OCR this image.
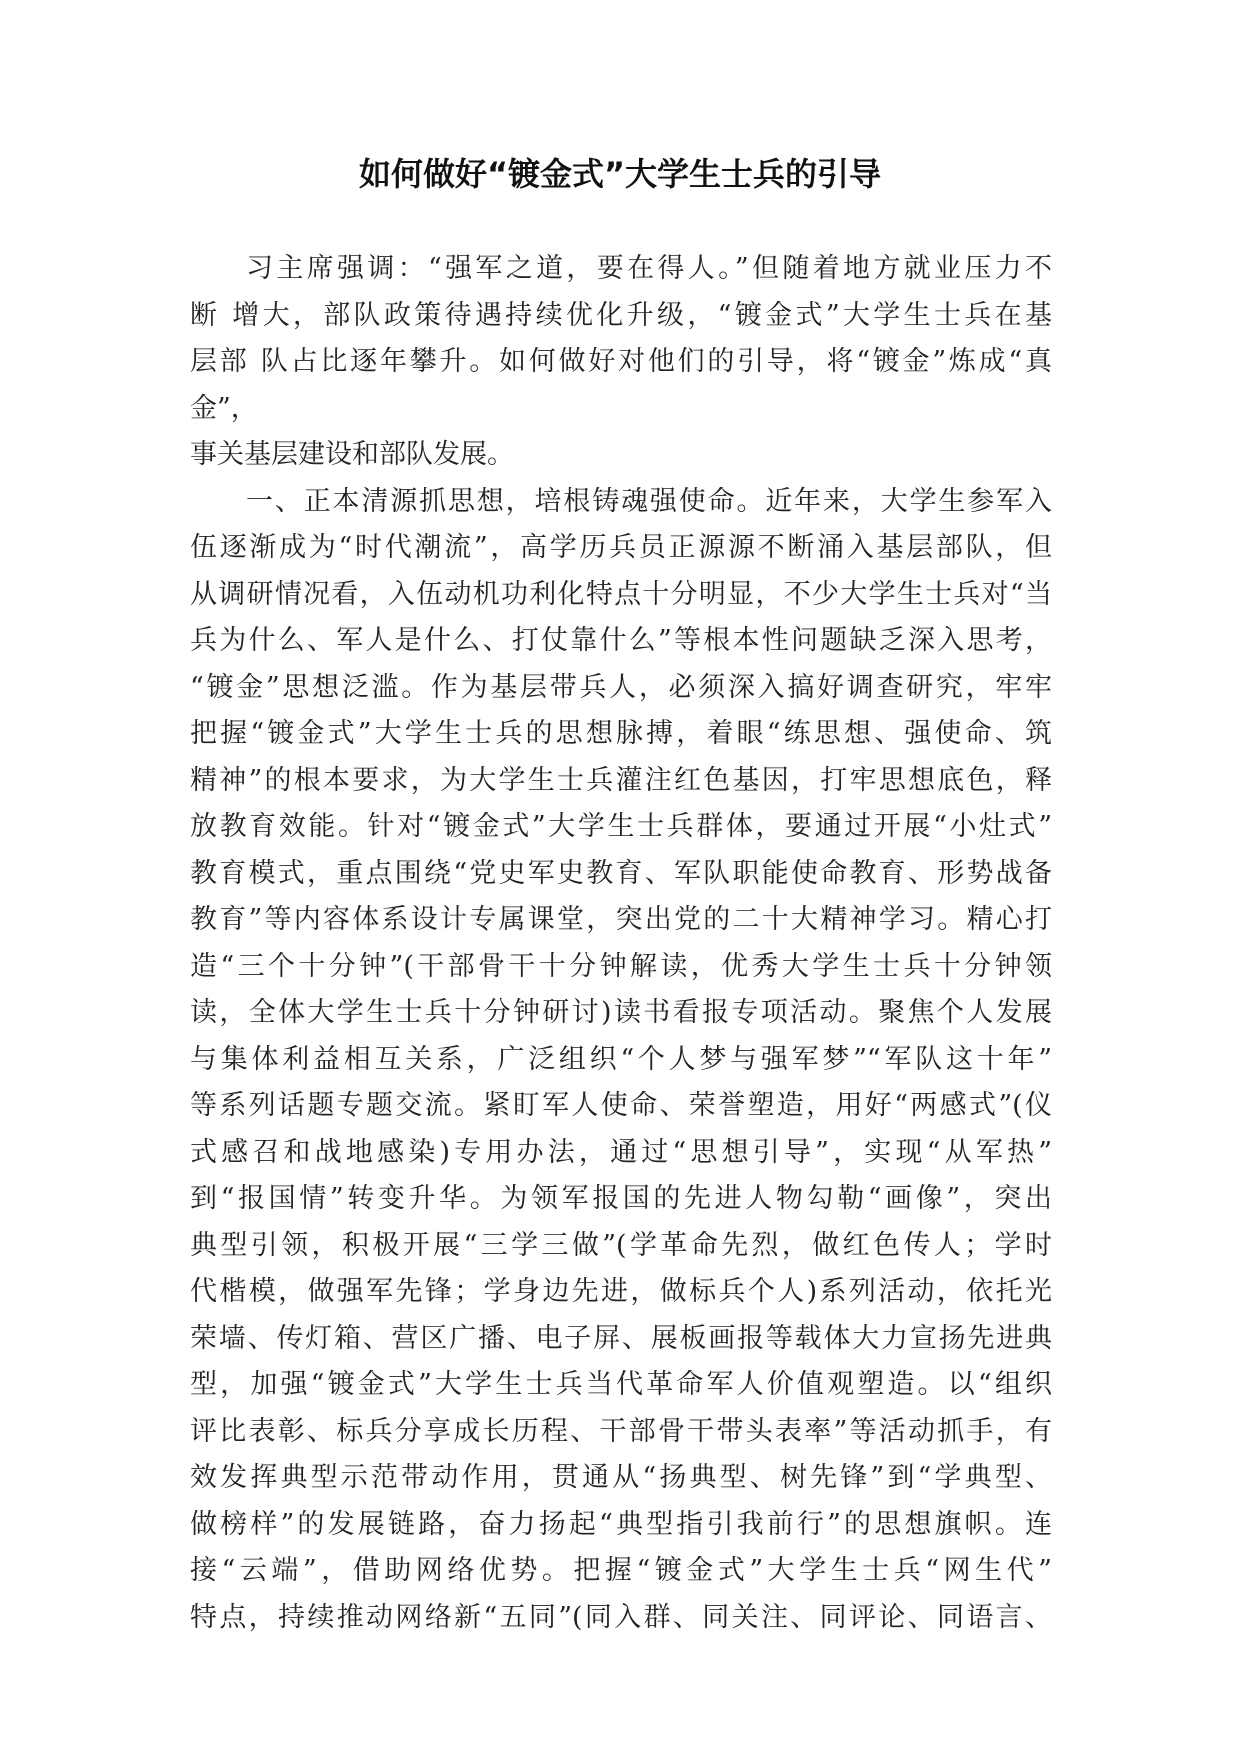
如何做好“镀金式”大学生士兵的引导
习主席强调：“强军之道，要在得人。”但随着地方就业压力不
断 增大，部队政策待遇持续优化升级，“镀金式”大学生士兵在基
层部 队占比逐年攀升。如何做好对他们的引导，将“镀金”炼成“真
金”，
事关基层建设和部队发展。
一、正本清源抓思想，培根铸魂强使命。近年来，大学生参军入
伍逐渐成为“时代潮流”，高学历兵员正源源不断涌入基层部队，但
从调研情况看，入伍动机功利化特点十分明显，不少大学生士兵对“当
兵为什么、军人是什么、打仗靠什么”等根本性问题缺乏深入思考，
“镀金”思想泛滥。作为基层带兵人，必须深入搞好调查研究，牢牢
把握“镀金式”大学生士兵的思想脉搏，着眼“练思想、强使命、筑
精神”的根本要求，为大学生士兵灌注红色基因，打牢思想底色，释
放教育效能。针对“镀金式”大学生士兵群体，要通过开展“小灶式”
教育模式，重点围绕“党史军史教育、军队职能使命教育、形势战备
教育”等内容体系设计专属课堂，突出党的二十大精神学习。精心打
造“三个十分钟”(干部骨干十分钟解读，优秀大学生士兵十分钟领
读，全体大学生士兵十分钟研讨)读书看报专项活动。聚焦个人发展
与集体利益相互关系，广泛组织“个人梦与强军梦”“军队这十年”
等系列话题专题交流。紧盯军人使命、荣誉塑造，用好“两感式”(仪
式感召和战地感染)专用办法，通过“思想引导”，实现“从军热”
到“报国情”转变升华。为领军报国的先进人物勾勒“画像”，突出
典型引领，积极开展“三学三做”(学革命先烈，做红色传人；学时
代楷模，做强军先锋；学身边先进，做标兵个人)系列活动，依托光
荣墙、传灯箱、营区广播、电子屏、展板画报等载体大力宣扬先进典
型，加强“镀金式”大学生士兵当代革命军人价值观塑造。以“组织
评比表彰、标兵分享成长历程、干部骨干带头表率”等活动抓手，有
效发挥典型示范带动作用，贯通从“扬典型、树先锋”到“学典型、
做榜样”的发展链路，奋力扬起“典型指引我前行”的思想旗帜。连
接“云端”，借助网络优势。把握“镀金式”大学生士兵“网生代”
特点，持续推动网络新“五同”(同入群、同关注、同评论、同语言、
